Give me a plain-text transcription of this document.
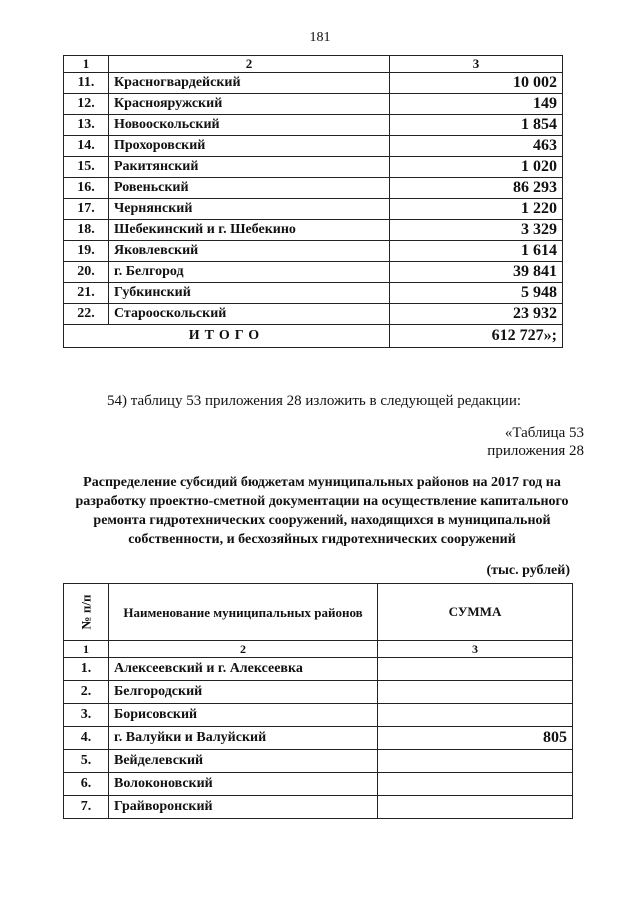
181
1	2	3
11.	Красногвардейский	10 002
12.	Краснояружский	149
13.	Новооскольский	1 854
14.	Прохоровский	463
15.	Ракитянский	1 020
16.	Ровеньский	86 293
17.	Чернянский	1 220
18.	Шебекинский и г. Шебекино	3 329
19.	Яковлевский	1 614
20.	г. Белгород	39 841
21.	Губкинский	5 948
22.	Старооскольский	23 932
ИТОГО		612 727»;
54) таблицу 53 приложения 28 изложить в следующей редакции:
«Таблица 53
приложения 28
Распределение субсидий бюджетам муниципальных районов на 2017 год на разработку проектно-сметной документации на осуществление капитального ремонта гидротехнических сооружений, находящихся в муниципальной собственности, и бесхозяйных гидротехнических сооружений
(тыс. рублей)
№ п/п	Наименование муниципальных районов	СУММА
1	2	3
1.	Алексеевский и г. Алексеевка	
2.	Белгородский	
3.	Борисовский	
4.	г. Валуйки и Валуйский	805
5.	Вейделевский	
6.	Волоконовский	
7.	Грайворонский	
